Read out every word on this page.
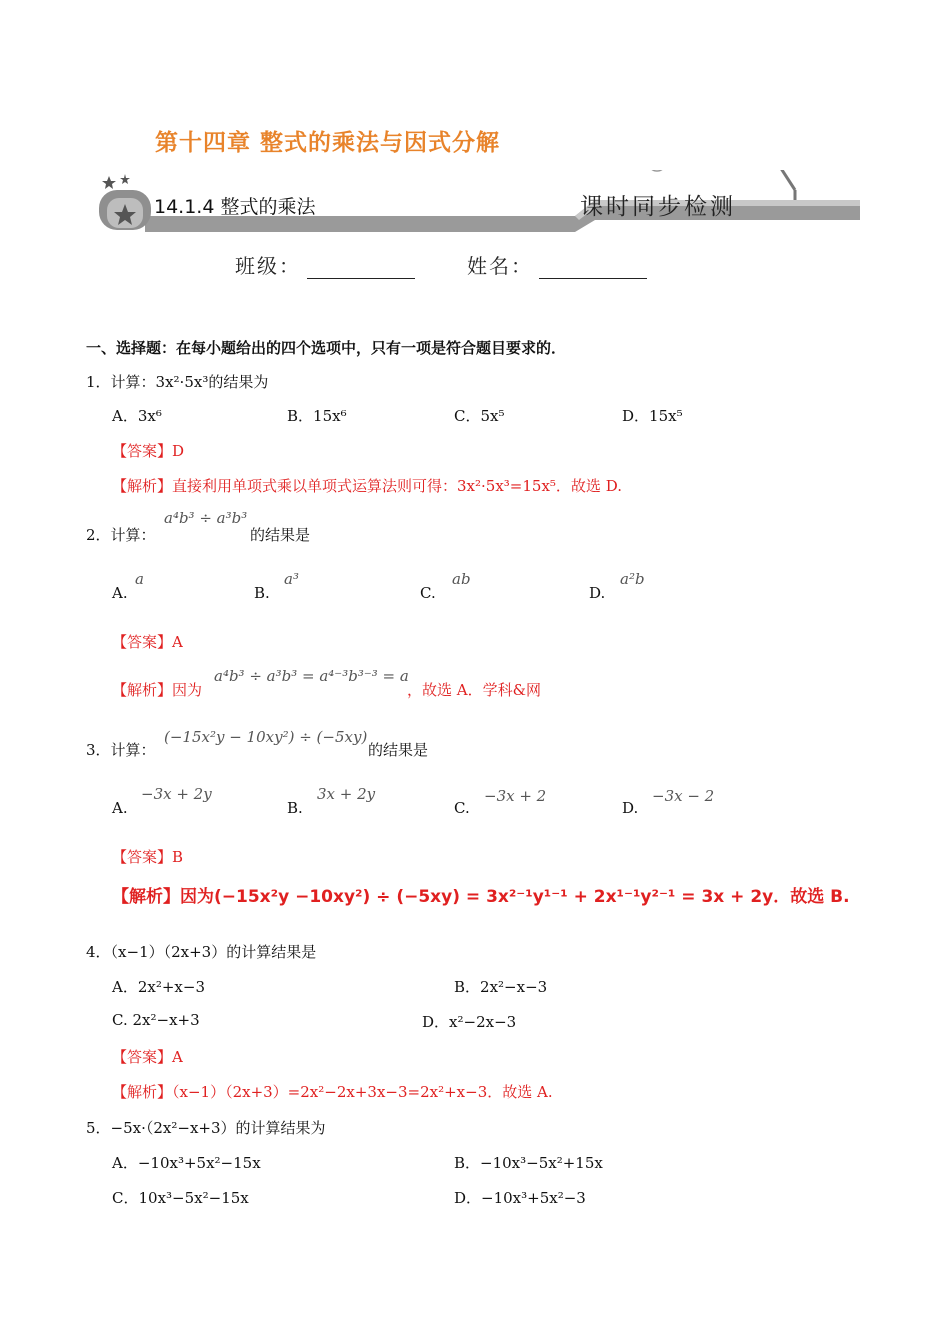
第十四章 整式的乘法与因式分解
14.1.4 整式的乘法	课时同步检测
班级：	姓名：
一、选择题：在每小题给出的四个选项中，只有一项是符合题目要求的．
1．计算：3x²·5x³的结果为
A．3x⁶	B．15x⁶	C．5x⁵	D．15x⁵
【答案】D
【解析】直接利用单项式乘以单项式运算法则可得：3x²·5x³=15x⁵．故选 D.
2．计算：
a⁴b³ ÷ a³b³
的结果是
A.
a
B.
a³
C.
ab
D.
a²b
【答案】A
【解析】因为
a⁴b³ ÷ a³b³ = a⁴⁻³b³⁻³ = a
，故选 A．学科&网
3．计算：
(−15x²y − 10xy²) ÷ (−5xy)
的结果是
A.
−3x + 2y
B.
3x + 2y
C.
−3x + 2
D.
−3x − 2
【答案】B
【解析】因为(−15x²y −10xy²) ÷ (−5xy) = 3x²⁻¹y¹⁻¹ + 2x¹⁻¹y²⁻¹ = 3x + 2y．故选 B.
4．（x−1）（2x+3）的计算结果是
A．2x²+x−3	B．2x²−x−3
C. 2x²−x+3	D．x²−2x−3
【答案】A
【解析】（x−1）（2x+3）=2x²−2x+3x−3=2x²+x−3．故选 A.
5．−5x·（2x²−x+3）的计算结果为
A．−10x³+5x²−15x	B．−10x³−5x²+15x
C．10x³−5x²−15x	D．−10x³+5x²−3
